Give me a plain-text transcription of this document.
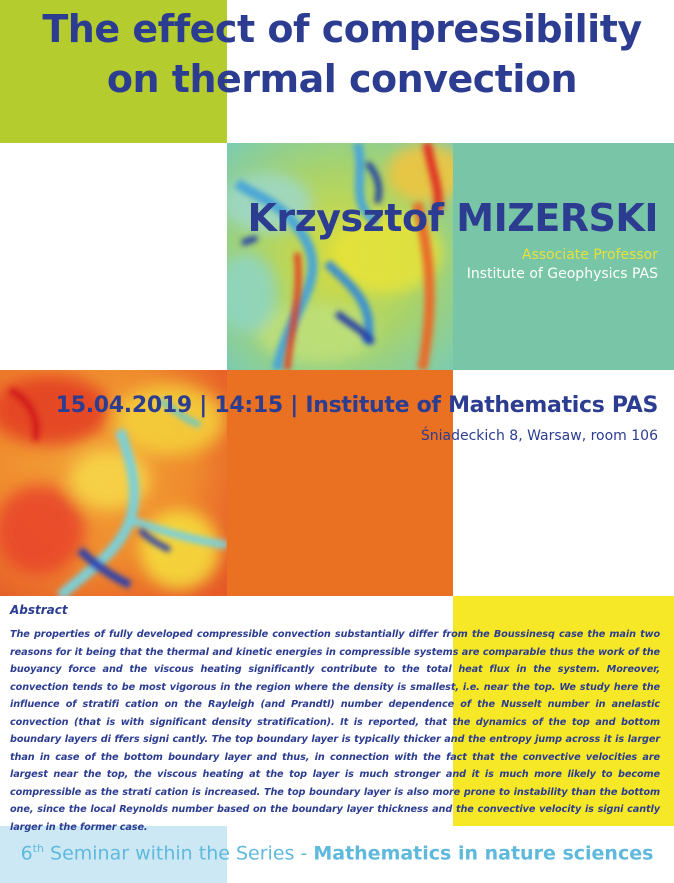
The effect of compressibility
on thermal convection

Krzysztof MIZERSKI

Associate Professor

Institute of Geophysics PAS

15.04.2019 | 14:15 | Institute of Mathematics PAS

Śniadeckich 8, Warsaw, room 106

Abstract

The properties of fully developed compressible convection substantially differ from the Boussinesq case the main two reasons for it being that the thermal and kinetic energies in compressible systems are comparable thus the work of the buoyancy force and the viscous heating significantly contribute to the total heat flux in the system. Moreover, convection tends to be most vigorous in the region where the density is smallest, i.e. near the top. We study here the influence of stratifi cation on the Rayleigh (and Prandtl) number dependence of the Nusselt number in anelastic convection (that is with significant density stratification). It is reported, that the dynamics of the top and bottom boundary layers di ffers signi cantly. The top boundary layer is typically thicker and the entropy jump across it is larger than in case of the bottom boundary layer and thus, in connection with the fact that the convective velocities are largest near the top, the viscous heating at the top layer is much stronger and it is much more likely to become compressible as the strati cation is increased. The top boundary layer is also more prone to instability than the bottom one, since the local Reynolds number based on the boundary layer thickness and the convective velocity is signi cantly larger in the former case.

6th Seminar within the Series - Mathematics in nature sciences
